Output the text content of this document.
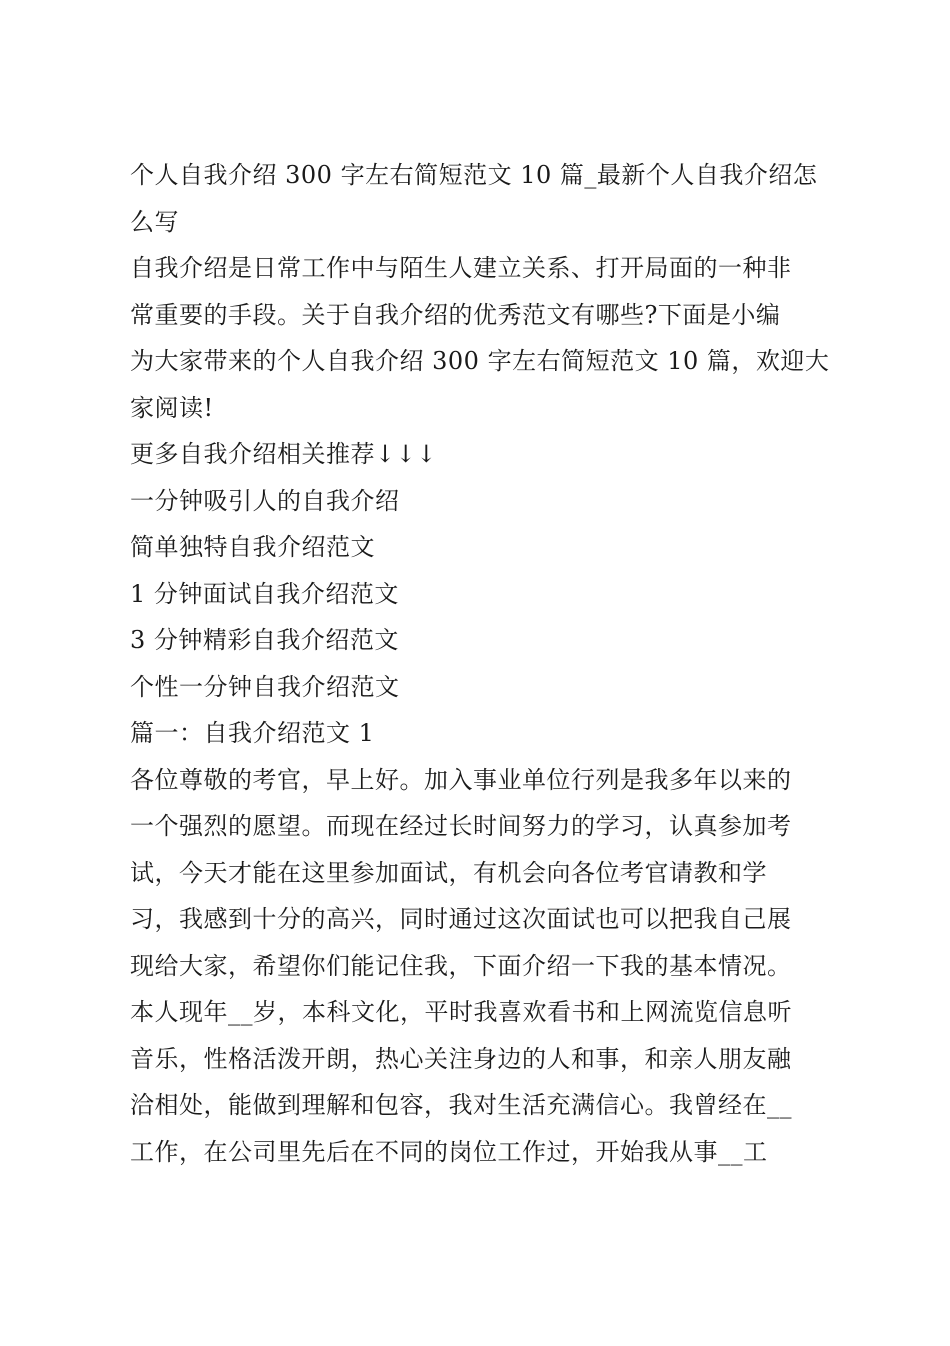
个人自我介绍 300 字左右简短范文 10 篇_最新个人自我介绍怎
么写
自我介绍是日常工作中与陌生人建立关系、打开局面的一种非
常重要的手段。关于自我介绍的优秀范文有哪些?下面是小编
为大家带来的个人自我介绍 300 字左右简短范文 10 篇，欢迎大
家阅读!
更多自我介绍相关推荐↓↓↓
一分钟吸引人的自我介绍
简单独特自我介绍范文
1 分钟面试自我介绍范文
3 分钟精彩自我介绍范文
个性一分钟自我介绍范文
篇一：自我介绍范文 1
各位尊敬的考官，早上好。加入事业单位行列是我多年以来的
一个强烈的愿望。而现在经过长时间努力的学习，认真参加考
试，今天才能在这里参加面试，有机会向各位考官请教和学
习，我感到十分的高兴，同时通过这次面试也可以把我自己展
现给大家，希望你们能记住我，下面介绍一下我的基本情况。
本人现年__岁，本科文化，平时我喜欢看书和上网流览信息听
音乐，性格活泼开朗，热心关注身边的人和事，和亲人朋友融
洽相处，能做到理解和包容，我对生活充满信心。我曾经在__
工作，在公司里先后在不同的岗位工作过，开始我从事__工
